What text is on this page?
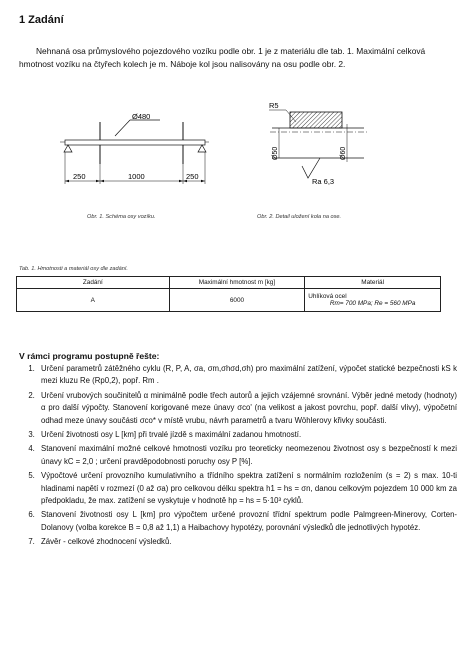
1 Zadání
Nehnaná osa průmyslového pojezdového vozíku podle obr. 1 je z materiálu dle tab. 1. Maximální celková hmotnost vozíku na čtyřech kolech je m. Náboje kol jsou nalisovány na osu podle obr. 2.
Ø480
250	1000	250
Obr. 1. Schéma osy vozíku.
R5
Ø50	Ø60
Ra 6,3
Obr. 2. Detail uložení kola na ose.
Tab. 1. Hmotnosti a materiál osy dle zadání.
Zadání	Maximální hmotnost m [kg]	Materiál
A	6000	Uhlíková ocel
Rm= 700 MPa; Re = 560 MPa
V rámci programu postupně řešte:
1. Určení parametrů zátěžného cyklu (R, P, A, σa, σm,σhσd,σh) pro maximální zatížení, výpočet statické bezpečnosti kS k mezi kluzu Re (Rp0,2), popř. Rm .
2. Určení vrubových součinitelů α minimálně podle třech autorů a jejich vzájemné srovnání. Výběr jedné metody (hodnoty) α pro další výpočty. Stanovení korigované meze únavy σco' (na velikost a jakost povrchu, popř. další vlivy), výpočetní odhad meze únavy součásti σco* v místě vrubu, návrh parametrů a tvaru Wöhlerovy křivky součásti.
3. Určení životnosti osy L [km] při trvalé jízdě s maximální zadanou hmotností.
4. Stanovení maximální možné celkové hmotnosti vozíku pro teoreticky neomezenou životnost osy s bezpečností k mezi únavy kC = 2,0 ; určení pravděpodobnosti poruchy osy P [%].
5. Výpočtové určení provozního kumulativního a třídního spektra zatížení s normálním rozložením (s = 2) s max. 10-ti hladinami napětí v rozmezí (0 až σa) pro celkovou délku spektra h1 = hs = σn, danou celkovým pojezdem 10 000 km za předpokladu, že max. zatížení se vyskytuje v hodnotě hp = hs = 5·10³ cyklů.
6. Stanovení životnosti osy L [km] pro výpočtem určené provozní třídní spektrum podle Palmgreen-Minerovy, Corten-Dolanovy (volba korekce B = 0,8 až 1,1) a Haibachovy hypotézy, porovnání výsledků dle jednotlivých hypotéz.
7. Závěr - celkové zhodnocení výsledků.
